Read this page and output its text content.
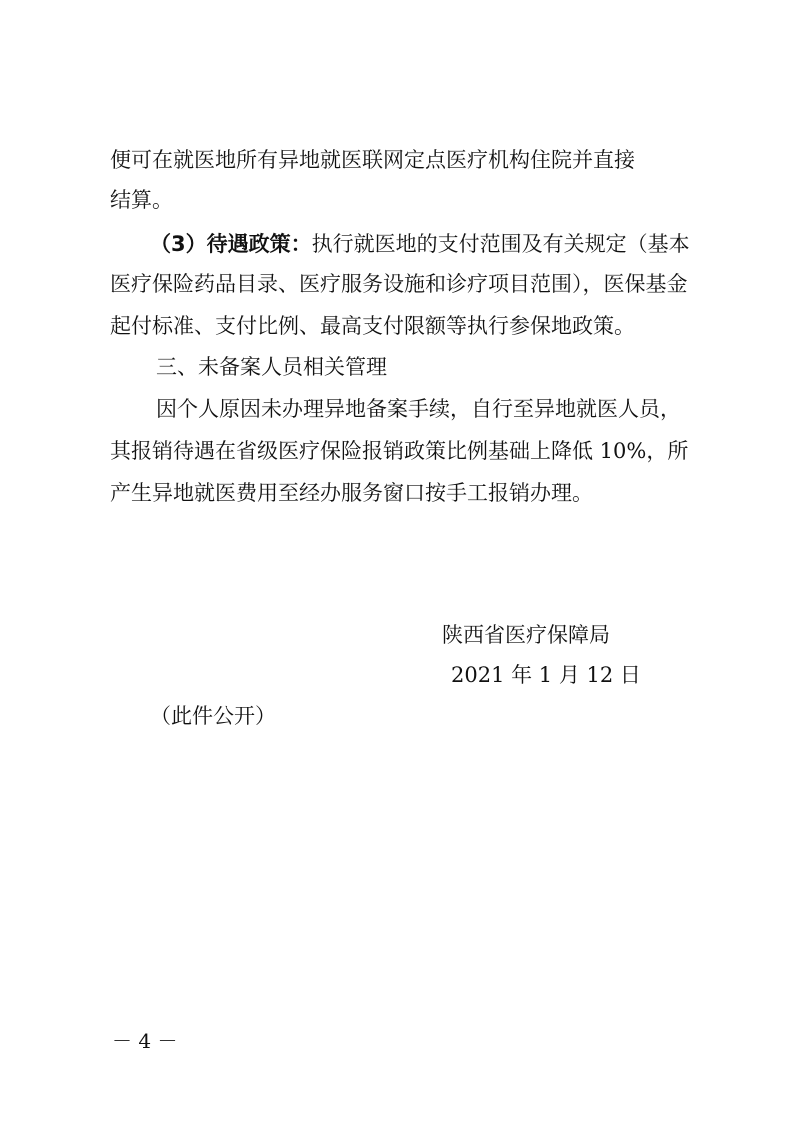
便可在就医地所有异地就医联网定点医疗机构住院并直接
结算。
（3）待遇政策：执行就医地的支付范围及有关规定（基本
医疗保险药品目录、医疗服务设施和诊疗项目范围），医保基金
起付标准、支付比例、最高支付限额等执行参保地政策。
三、未备案人员相关管理
因个人原因未办理异地备案手续，自行至异地就医人员，
其报销待遇在省级医疗保险报销政策比例基础上降低 10%，所
产生异地就医费用至经办服务窗口按手工报销办理。
陕西省医疗保障局
2021 年 1 月 12 日
（此件公开）
－ 4 －
